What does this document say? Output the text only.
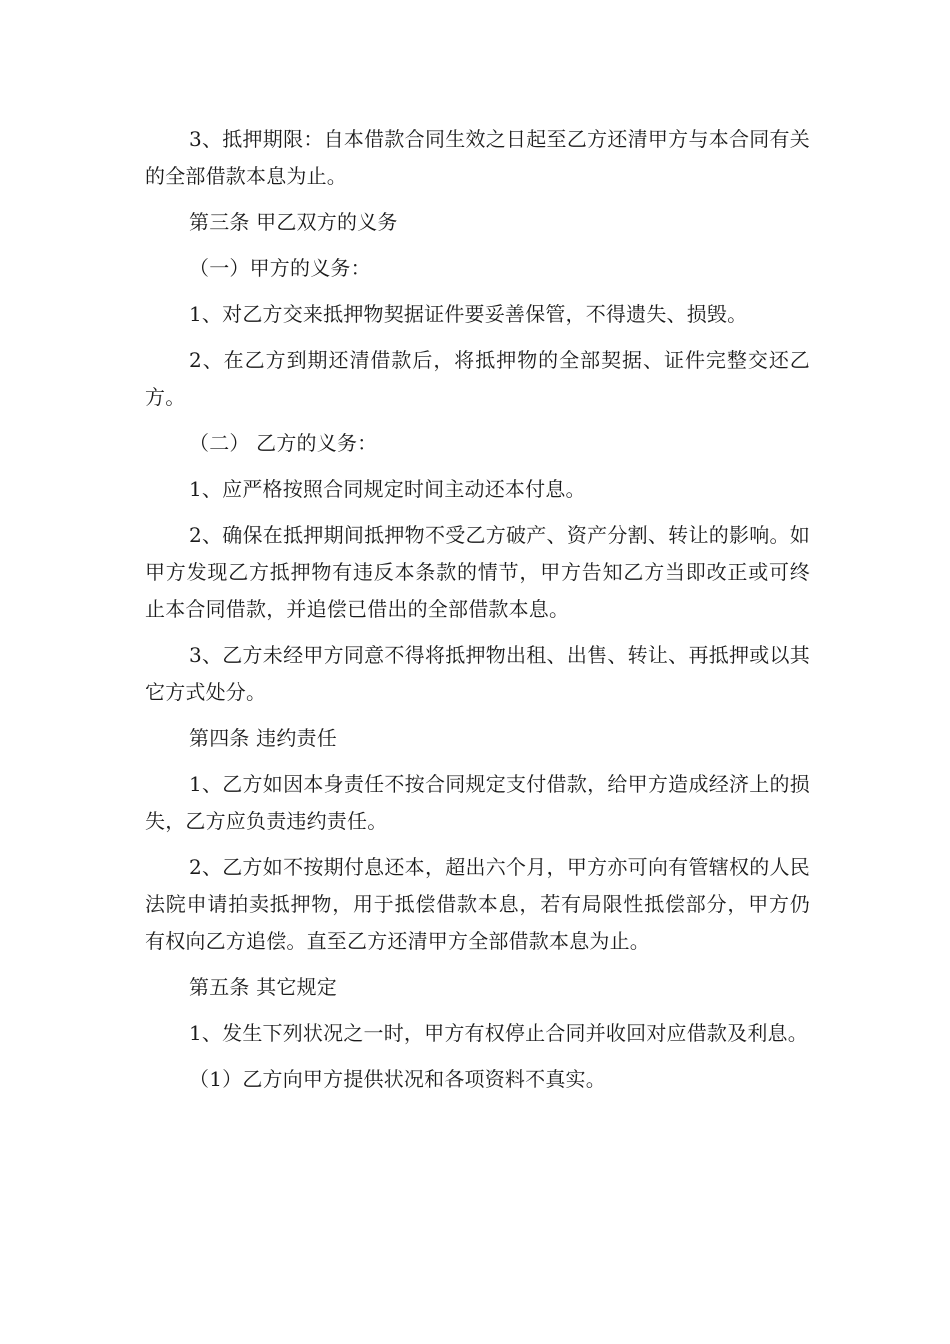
3、抵押期限：自本借款合同生效之日起至乙方还清甲方与本合同有关的全部借款本息为止。

第三条 甲乙双方的义务

（一）甲方的义务：

1、对乙方交来抵押物契据证件要妥善保管，不得遗失、损毁。

2、在乙方到期还清借款后，将抵押物的全部契据、证件完整交还乙方。

（二） 乙方的义务：

1、应严格按照合同规定时间主动还本付息。

2、确保在抵押期间抵押物不受乙方破产、资产分割、转让的影响。如甲方发现乙方抵押物有违反本条款的情节，甲方告知乙方当即改正或可终止本合同借款，并追偿已借出的全部借款本息。

3、乙方未经甲方同意不得将抵押物出租、出售、转让、再抵押或以其它方式处分。

第四条 违约责任

1、乙方如因本身责任不按合同规定支付借款，给甲方造成经济上的损失，乙方应负责违约责任。

2、乙方如不按期付息还本，超出六个月，甲方亦可向有管辖权的人民法院申请拍卖抵押物，用于抵偿借款本息，若有局限性抵偿部分，甲方仍有权向乙方追偿。直至乙方还清甲方全部借款本息为止。

第五条 其它规定

1、发生下列状况之一时，甲方有权停止合同并收回对应借款及利息。

（1）乙方向甲方提供状况和各项资料不真实。
